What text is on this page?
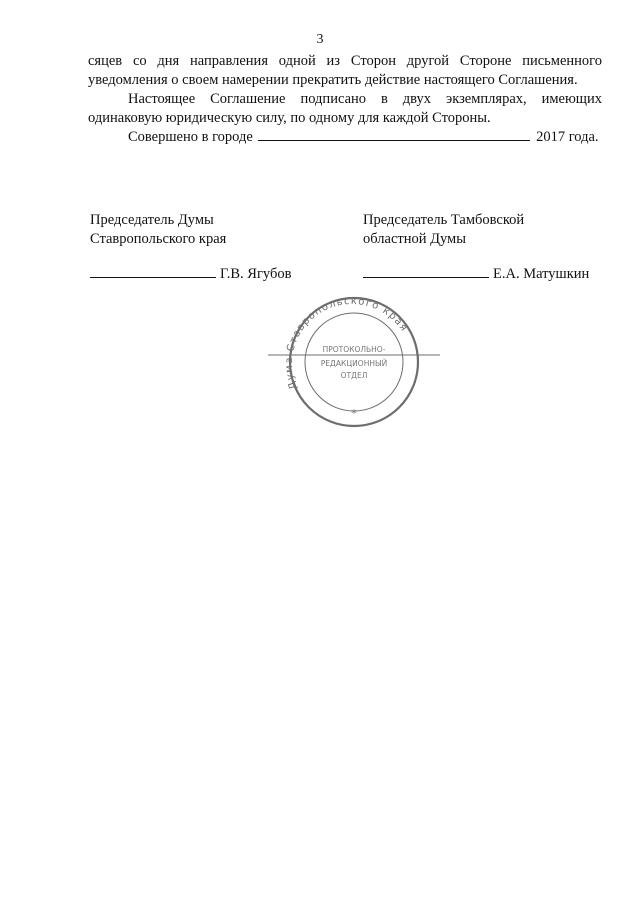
3

сяцев со дня направления одной из Сторон другой Стороне письменного уведомления о своем намерении прекратить действие настоящего Соглашения.

Настоящее Соглашение подписано в двух экземплярах, имеющих одинаковую юридическую силу, по одному для каждой Стороны.

Совершено в городе	2017 года.

Председатель Думы
Ставропольского края
Г.В. Ягубов
Председатель Тамбовской
областной Думы
Е.А. Матушкин
Дума Ставропольского края
ПРОТОКОЛЬНО-
РЕДАКЦИОННЫЙ
ОТДЕЛ
*
